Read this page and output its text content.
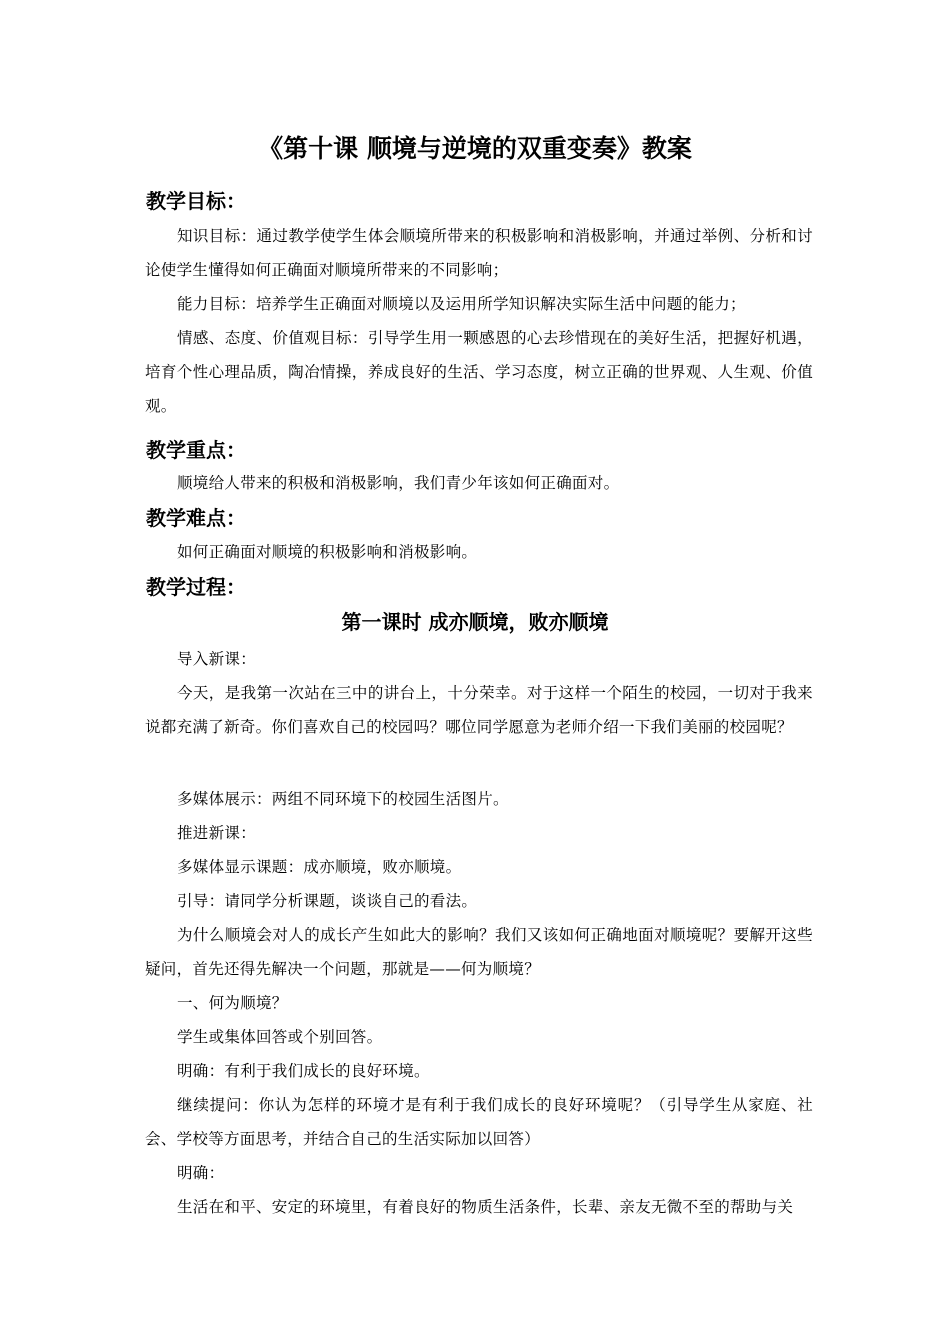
《第十课 顺境与逆境的双重变奏》教案
教学目标：
知识目标：通过教学使学生体会顺境所带来的积极影响和消极影响，并通过举例、分析和讨论使学生懂得如何正确面对顺境所带来的不同影响；
能力目标：培养学生正确面对顺境以及运用所学知识解决实际生活中问题的能力；
情感、态度、价值观目标：引导学生用一颗感恩的心去珍惜现在的美好生活，把握好机遇，培育个性心理品质，陶冶情操，养成良好的生活、学习态度，树立正确的世界观、人生观、价值观。
教学重点：
顺境给人带来的积极和消极影响，我们青少年该如何正确面对。
教学难点：
如何正确面对顺境的积极影响和消极影响。
教学过程：
第一课时 成亦顺境，败亦顺境
导入新课：
今天，是我第一次站在三中的讲台上，十分荣幸。对于这样一个陌生的校园，一切对于我来说都充满了新奇。你们喜欢自己的校园吗？哪位同学愿意为老师介绍一下我们美丽的校园呢？
多媒体展示：两组不同环境下的校园生活图片。
推进新课：
多媒体显示课题：成亦顺境，败亦顺境。
引导：请同学分析课题，谈谈自己的看法。
为什么顺境会对人的成长产生如此大的影响？我们又该如何正确地面对顺境呢？要解开这些疑问，首先还得先解决一个问题，那就是——何为顺境？
一、何为顺境？
学生或集体回答或个别回答。
明确：有利于我们成长的良好环境。
继续提问：你认为怎样的环境才是有利于我们成长的良好环境呢？（引导学生从家庭、社会、学校等方面思考，并结合自己的生活实际加以回答）
明确：
生活在和平、安定的环境里，有着良好的物质生活条件，长辈、亲友无微不至的帮助与关
